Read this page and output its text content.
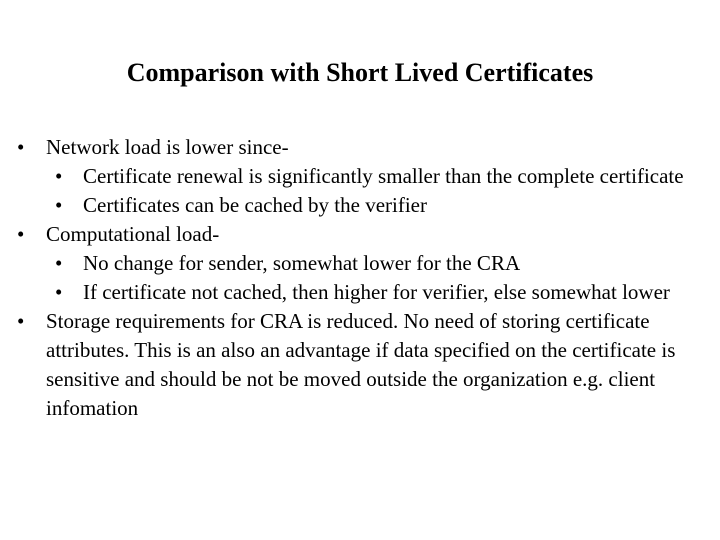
Comparison with Short Lived Certificates
• Network load is lower since-
• Certificate renewal is significantly smaller than the complete certificate
• Certificates can be cached by the verifier
• Computational load-
• No change for sender, somewhat lower for the CRA
• If certificate not cached, then higher for verifier, else somewhat lower
• Storage requirements for CRA is reduced. No need of storing certificate attributes. This is an also an advantage if data specified on the certificate is sensitive and should be not be moved outside the organization e.g. client infomation
